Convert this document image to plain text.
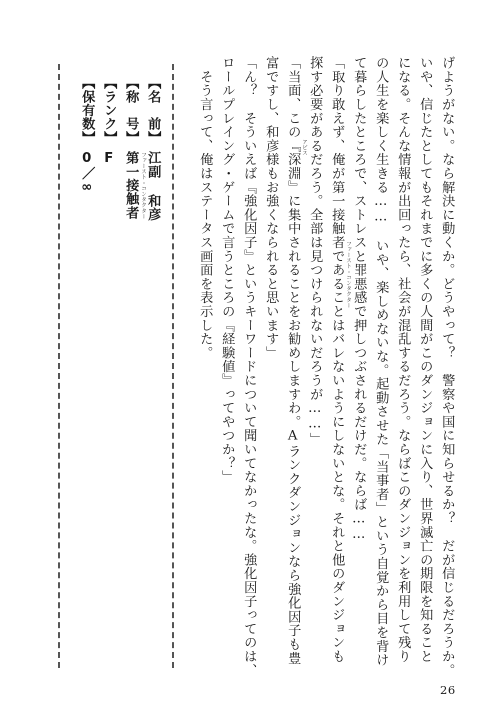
げようがない。なら解決に動くか。どうやって？　警察や国に知らせるか？　だが信じるだろうか。
いや、信じたとしてもそれまでに多くの人間がこのダンジョンに入り、世界滅亡の期限を知ること
になる。そんな情報が出回ったら、社会が混乱するだろう。ならばこのダンジョンを利用して残り
の人生を楽しく生きる……　いや、楽しめないな。起動させた「当事者」という自覚から目を背け
て暮らしたところで、ストレスと罪悪感で押しつぶされるだけだ。ならば……
ファースト・コンタクター
「取り敢えず、俺が第一接触者であることはバレないようにしないとな。それと他のダンジョンも
探す必要があるだろう。全部は見つけられないだろうが……」
アビス
「当面、この『深淵』に集中されることをお勧めしますわ。Aランクダンジョンなら強化因子も豊
富ですし、和彦様もお強くなられると思います」
「ん？　そういえば『強化因子』というキーワードについて聞いてなかったな。強化因子ってのは、
ロールプレイング・ゲームで言うところの『経験値』ってやつか？」
　そう言って、俺はステータス画面を表示した。
【名　前】江副 和彦
【称　号】第一接触者 ファースト・コンタクター
【ランク】F
【保有数】0／∞
26
